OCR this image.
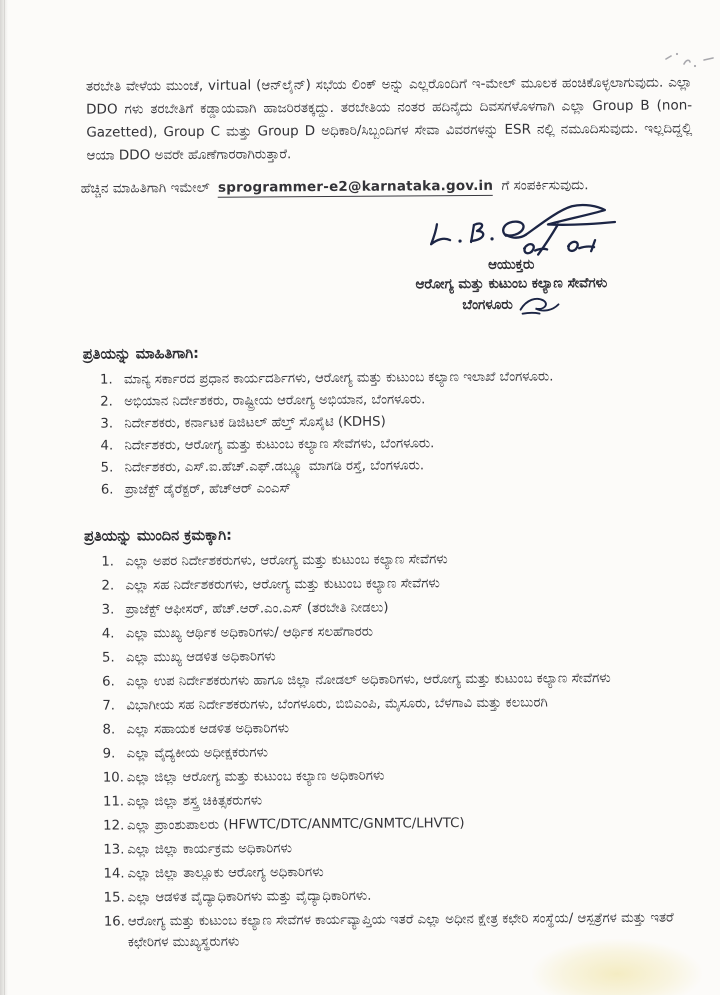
ತರಬೇತಿ ವೇಳೆಯ ಮುಂಚೆ, virtual (ಆನ್‌ಲೈನ್) ಸಭೆಯ ಲಿಂಕ್ ಅನ್ನು ಎಲ್ಲರೊಂದಿಗೆ ಇ-ಮೇಲ್ ಮೂಲಕ ಹಂಚಿಕೊಳ್ಳಲಾಗುವುದು. ಎಲ್ಲಾ DDO ಗಳು ತರಬೇತಿಗೆ ಕಡ್ಡಾಯವಾಗಿ ಹಾಜರಿರತಕ್ಕದ್ದು. ತರಬೇತಿಯ ನಂತರ ಹದಿನೈದು ದಿವಸಗಳೊಳಗಾಗಿ ಎಲ್ಲಾ Group B (non-Gazetted), Group C ಮತ್ತು Group D ಅಧಿಕಾರಿ/ಸಿಬ್ಬಂದಿಗಳ ಸೇವಾ ವಿವರಗಳನ್ನು ESR ನಲ್ಲಿ ನಮೂದಿಸುವುದು. ಇಲ್ಲದಿದ್ದಲ್ಲಿ ಆಯಾ DDO ಅವರೇ ಹೊಣೆಗಾರರಾಗಿರುತ್ತಾರೆ.

ಹೆಚ್ಚಿನ ಮಾಹಿತಿಗಾಗಿ ಇಮೇಲ್ sprogrammer-e2@karnataka.gov.in ಗೆ ಸಂಪರ್ಕಿಸುವುದು.

ಆಯುಕ್ತರು
ಆರೋಗ್ಯ ಮತ್ತು ಕುಟುಂಬ ಕಲ್ಯಾಣ ಸೇವೆಗಳು
ಬೆಂಗಳೂರು
ಪ್ರತಿಯನ್ನು ಮಾಹಿತಿಗಾಗಿ:
1. ಮಾನ್ಯ ಸರ್ಕಾರದ ಪ್ರಧಾನ ಕಾರ್ಯದರ್ಶಿಗಳು, ಆರೋಗ್ಯ ಮತ್ತು ಕುಟುಂಬ ಕಲ್ಯಾಣ ಇಲಾಖೆ ಬೆಂಗಳೂರು.
2. ಅಭಿಯಾನ ನಿರ್ದೇಶಕರು, ರಾಷ್ಟ್ರೀಯ ಆರೋಗ್ಯ ಅಭಿಯಾನ, ಬೆಂಗಳೂರು.
3. ನಿರ್ದೇಶಕರು, ಕರ್ನಾಟಕ ಡಿಜಿಟಲ್ ಹೆಲ್ತ್ ಸೊಸೈಟಿ (KDHS)
4. ನಿರ್ದೇಶಕರು, ಆರೋಗ್ಯ ಮತ್ತು ಕುಟುಂಬ ಕಲ್ಯಾಣ ಸೇವೆಗಳು, ಬೆಂಗಳೂರು.
5. ನಿರ್ದೇಶಕರು, ಎಸ್.ಐ.ಹೆಚ್.ಎಫ್.ಡಬ್ಲ್ಯೂ ಮಾಗಡಿ ರಸ್ತೆ, ಬೆಂಗಳೂರು.
6. ಪ್ರಾಜೆಕ್ಟ್ ಡೈರೆಕ್ಟರ್, ಹೆಚ್‌ಆರ್ ಎಂಎಸ್
ಪ್ರತಿಯನ್ನು ಮುಂದಿನ ಕ್ರಮಕ್ಕಾಗಿ:
1. ಎಲ್ಲಾ ಅಪರ ನಿರ್ದೇಶಕರುಗಳು, ಆರೋಗ್ಯ ಮತ್ತು ಕುಟುಂಬ ಕಲ್ಯಾಣ ಸೇವೆಗಳು
2. ಎಲ್ಲಾ ಸಹ ನಿರ್ದೇಶಕರುಗಳು, ಆರೋಗ್ಯ ಮತ್ತು ಕುಟುಂಬ ಕಲ್ಯಾಣ ಸೇವೆಗಳು
3. ಪ್ರಾಜೆಕ್ಟ್ ಆಫೀಸರ್, ಹೆಚ್.ಆರ್.ಎಂ.ಎಸ್ (ತರಬೇತಿ ನೀಡಲು)
4. ಎಲ್ಲಾ ಮುಖ್ಯ ಆರ್ಥಿಕ ಅಧಿಕಾರಿಗಳು/ ಆರ್ಥಿಕ ಸಲಹೆಗಾರರು
5. ಎಲ್ಲಾ ಮುಖ್ಯ ಆಡಳಿತ ಅಧಿಕಾರಿಗಳು
6. ಎಲ್ಲಾ ಉಪ ನಿರ್ದೇಶಕರುಗಳು ಹಾಗೂ ಜಿಲ್ಲಾ ನೋಡಲ್ ಅಧಿಕಾರಿಗಳು, ಆರೋಗ್ಯ ಮತ್ತು ಕುಟುಂಬ ಕಲ್ಯಾಣ ಸೇವೆಗಳು
7. ವಿಭಾಗೀಯ ಸಹ ನಿರ್ದೇಶಕರುಗಳು, ಬೆಂಗಳೂರು, ಬಿಬಿಎಂಪಿ, ಮೈಸೂರು, ಬೆಳಗಾವಿ ಮತ್ತು ಕಲಬುರಗಿ
8. ಎಲ್ಲಾ ಸಹಾಯಕ ಆಡಳಿತ ಅಧಿಕಾರಿಗಳು
9. ಎಲ್ಲಾ ವೈದ್ಯಕೀಯ ಅಧೀಕ್ಷಕರುಗಳು
10. ಎಲ್ಲಾ ಜಿಲ್ಲಾ ಆರೋಗ್ಯ ಮತ್ತು ಕುಟುಂಬ ಕಲ್ಯಾಣ ಅಧಿಕಾರಿಗಳು
11. ಎಲ್ಲಾ ಜಿಲ್ಲಾ ಶಸ್ತ್ರ ಚಿಕಿತ್ಸಕರುಗಳು
12. ಎಲ್ಲಾ ಪ್ರಾಂಶುಪಾಲರು (HFWTC/DTC/ANMTC/GNMTC/LHVTC)
13. ಎಲ್ಲಾ ಜಿಲ್ಲಾ ಕಾರ್ಯಕ್ರಮ ಅಧಿಕಾರಿಗಳು
14. ಎಲ್ಲಾ ಜಿಲ್ಲಾ ತಾಲ್ಲೂಕು ಆರೋಗ್ಯ ಅಧಿಕಾರಿಗಳು
15. ಎಲ್ಲಾ ಆಡಳಿತ ವೈದ್ಯಾಧಿಕಾರಿಗಳು ಮತ್ತು ವೈದ್ಯಾಧಿಕಾರಿಗಳು.
16. ಆರೋಗ್ಯ ಮತ್ತು ಕುಟುಂಬ ಕಲ್ಯಾಣ ಸೇವೆಗಳ ಕಾರ್ಯವ್ಯಾಪ್ತಿಯ ಇತರೆ ಎಲ್ಲಾ ಅಧೀನ ಕ್ಷೇತ್ರ ಕಛೇರಿ ಸಂಸ್ಥೆಯ/ ಆಸ್ಪತ್ರೆಗಳ ಮತ್ತು ಇತರೆ ಕಛೇರಿಗಳ ಮುಖ್ಯಸ್ಥರುಗಳು
